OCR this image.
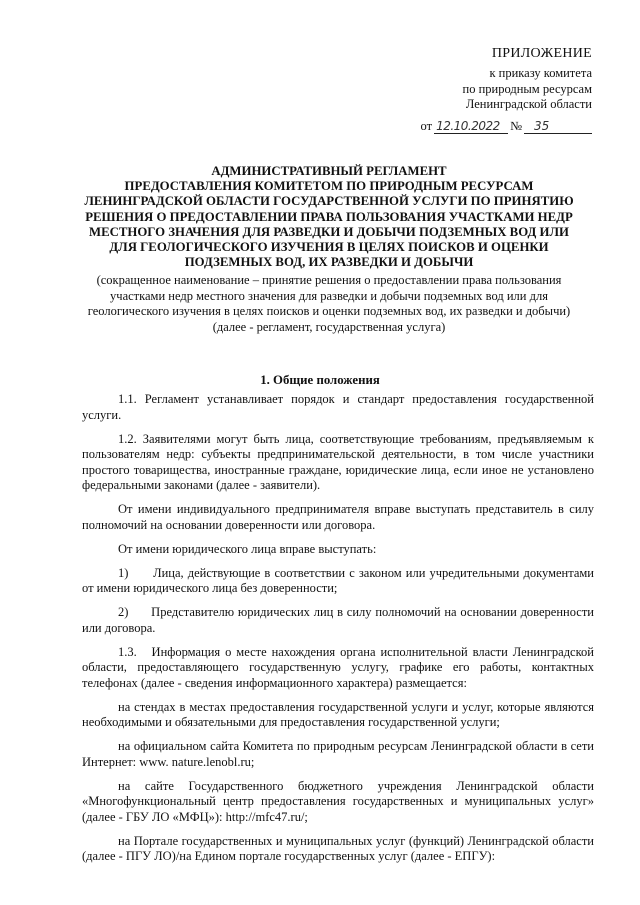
ПРИЛОЖЕНИЕ
к приказу комитета
по природным ресурсам
Ленинградской области
от 12.10.2022 №	35
АДМИНИСТРАТИВНЫЙ РЕГЛАМЕНТ
ПРЕДОСТАВЛЕНИЯ КОМИТЕТОМ ПО ПРИРОДНЫМ РЕСУРСАМ
ЛЕНИНГРАДСКОЙ ОБЛАСТИ ГОСУДАРСТВЕННОЙ УСЛУГИ ПО ПРИНЯТИЮ
РЕШЕНИЯ О ПРЕДОСТАВЛЕНИИ ПРАВА ПОЛЬЗОВАНИЯ УЧАСТКАМИ НЕДР
МЕСТНОГО ЗНАЧЕНИЯ ДЛЯ РАЗВЕДКИ И ДОБЫЧИ ПОДЗЕМНЫХ ВОД ИЛИ
ДЛЯ ГЕОЛОГИЧЕСКОГО ИЗУЧЕНИЯ В ЦЕЛЯХ ПОИСКОВ И ОЦЕНКИ
ПОДЗЕМНЫХ ВОД, ИХ РАЗВЕДКИ И ДОБЫЧИ
(сокращенное наименование – принятие решения о предоставлении права пользования
участками недр местного значения для разведки и добычи подземных вод или для
геологического изучения в целях поисков и оценки подземных вод, их разведки и добычи)
(далее - регламент, государственная услуга)
1. Общие положения

1.1. Регламент устанавливает порядок и стандарт предоставления государственной услуги.

1.2. Заявителями могут быть лица, соответствующие требованиям, предъявляемым к пользователям недр: субъекты предпринимательской деятельности, в том числе участники простого товарищества, иностранные граждане, юридические лица, если иное не установлено федеральными законами (далее - заявители).

От имени индивидуального предпринимателя вправе выступать представитель в силу полномочий на основании доверенности или договора.

От имени юридического лица вправе выступать:

1)      Лица, действующие в соответствии с законом или учредительными документами от имени юридического лица без доверенности;

2)      Представителю юридических лиц в силу полномочий на основании доверенности или договора.

1.3.   Информация о месте нахождения органа исполнительной власти Ленинградской области, предоставляющего государственную услугу, графике его работы, контактных телефонах (далее - сведения информационного характера) размещается:

на стендах в местах предоставления государственной услуги и услуг, которые являются необходимыми и обязательными для предоставления государственной услуги;

на официальном сайта Комитета по природным ресурсам Ленинградской области в сети Интернет: www. nature.lenobl.ru;

на сайте Государственного бюджетного учреждения Ленинградской области «Многофункциональный центр предоставления государственных и муниципальных услуг» (далее - ГБУ ЛО «МФЦ»): http://mfc47.ru/;

на Портале государственных и муниципальных услуг (функций) Ленинградской области (далее - ПГУ ЛО)/на Едином портале государственных услуг (далее - ЕПГУ):
